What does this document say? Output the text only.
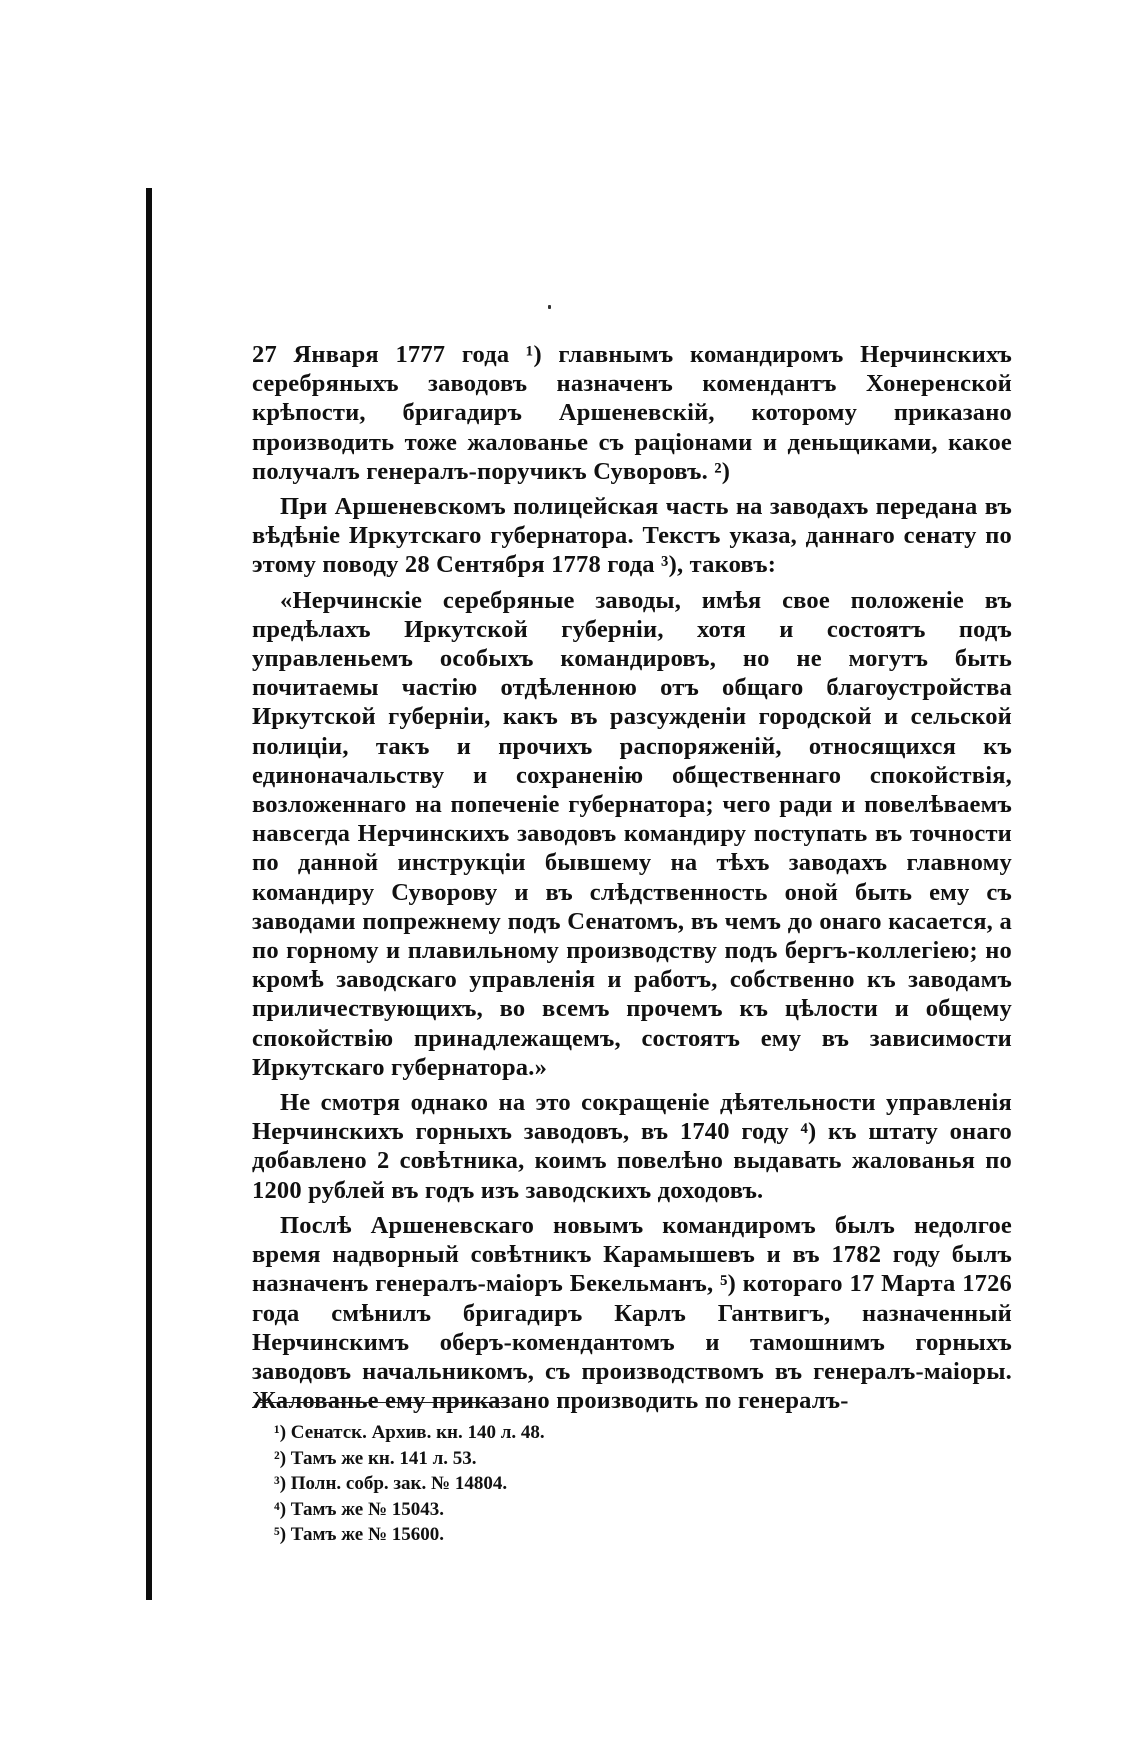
27 Января 1777 года ¹) главнымъ командиромъ Нерчинскихъ серебряныхъ заводовъ назначенъ комендантъ Хонеренской крѣпости, бригадиръ Аршеневскій, которому приказано производить тоже жалованье съ раціонами и деньщиками, какое получалъ генералъ-поручикъ Суворовъ. ²)

При Аршеневскомъ полицейская часть на заводахъ передана въ вѣдѣніе Иркутскаго губернатора. Текстъ указа, даннаго сенату по этому поводу 28 Сентября 1778 года ³), таковъ:

«Нерчинскіе серебряные заводы, имѣя свое положеніе въ предѣлахъ Иркутской губерніи, хотя и состоятъ подъ управленьемъ особыхъ командировъ, но не могутъ быть почитаемы частію отдѣленною отъ общаго благоустройства Иркутской губерніи, какъ въ разсужденіи городской и сельской полиціи, такъ и прочихъ распоряженій, относящихся къ единоначальству и сохраненію общественнаго спокойствія, возложеннаго на попеченіе губернатора; чего ради и повелѣваемъ навсегда Нерчинскихъ заводовъ командиру поступать въ точности по данной инструкціи бывшему на тѣхъ заводахъ главному командиру Суворову и въ слѣдственность оной быть ему съ заводами попрежнему подъ Сенатомъ, въ чемъ до онаго касается, а по горному и плавильному производству подъ бергъ-коллегіею; но кромѣ заводскаго управленія и работъ, собственно къ заводамъ приличествующихъ, во всемъ прочемъ къ цѣлости и общему спокойствію принадлежащемъ, состоятъ ему въ зависимости Иркутскаго губернатора.»

Не смотря однако на это сокращеніе дѣятельности управленія Нерчинскихъ горныхъ заводовъ, въ 1740 году ⁴) къ штату онаго добавлено 2 совѣтника, коимъ повелѣно выдавать жалованья по 1200 рублей въ годъ изъ заводскихъ доходовъ.

Послѣ Аршеневскаго новымъ командиромъ былъ недолгое время надворный совѣтникъ Карамышевъ и въ 1782 году былъ назначенъ генералъ-маіоръ Бекельманъ, ⁵) котораго 17 Марта 1726 года смѣнилъ бригадиръ Карлъ Гантвигъ, назначенный Нерчинскимъ оберъ-комендантомъ и тамошнимъ горныхъ заводовъ начальникомъ, съ производствомъ въ генералъ-маіоры. Жалованье ему приказано производить по генералъ-

¹) Сенатск. Архив. кн. 140 л. 48.
²) Тамъ же кн. 141 л. 53.
³) Полн. собр. зак. № 14804.
⁴) Тамъ же № 15043.
⁵) Тамъ же № 15600.
